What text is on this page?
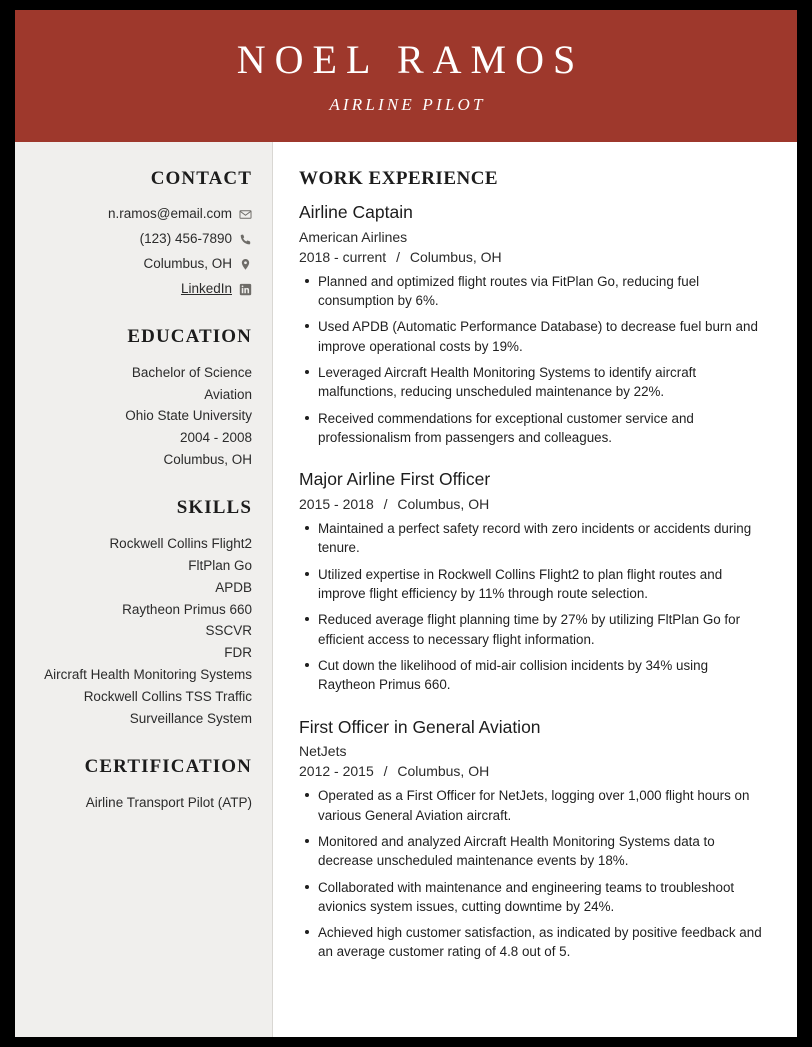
NOEL RAMOS
AIRLINE PILOT
CONTACT
n.ramos@email.com
(123) 456-7890
Columbus, OH
LinkedIn
EDUCATION
Bachelor of Science
Aviation
Ohio State University
2004 - 2008
Columbus, OH
SKILLS
Rockwell Collins Flight2
FltPlan Go
APDB
Raytheon Primus 660
SSCVR
FDR
Aircraft Health Monitoring Systems
Rockwell Collins TSS Traffic Surveillance System
CERTIFICATION
Airline Transport Pilot (ATP)
WORK EXPERIENCE
Airline Captain
American Airlines
2018 - current / Columbus, OH
Planned and optimized flight routes via FitPlan Go, reducing fuel consumption by 6%.
Used APDB (Automatic Performance Database) to decrease fuel burn and improve operational costs by 19%.
Leveraged Aircraft Health Monitoring Systems to identify aircraft malfunctions, reducing unscheduled maintenance by 22%.
Received commendations for exceptional customer service and professionalism from passengers and colleagues.
Major Airline First Officer
2015 - 2018 / Columbus, OH
Maintained a perfect safety record with zero incidents or accidents during tenure.
Utilized expertise in Rockwell Collins Flight2 to plan flight routes and improve flight efficiency by 11% through route selection.
Reduced average flight planning time by 27% by utilizing FltPlan Go for efficient access to necessary flight information.
Cut down the likelihood of mid-air collision incidents by 34% using Raytheon Primus 660.
First Officer in General Aviation
NetJets
2012 - 2015 / Columbus, OH
Operated as a First Officer for NetJets, logging over 1,000 flight hours on various General Aviation aircraft.
Monitored and analyzed Aircraft Health Monitoring Systems data to decrease unscheduled maintenance events by 18%.
Collaborated with maintenance and engineering teams to troubleshoot avionics system issues, cutting downtime by 24%.
Achieved high customer satisfaction, as indicated by positive feedback and an average customer rating of 4.8 out of 5.
